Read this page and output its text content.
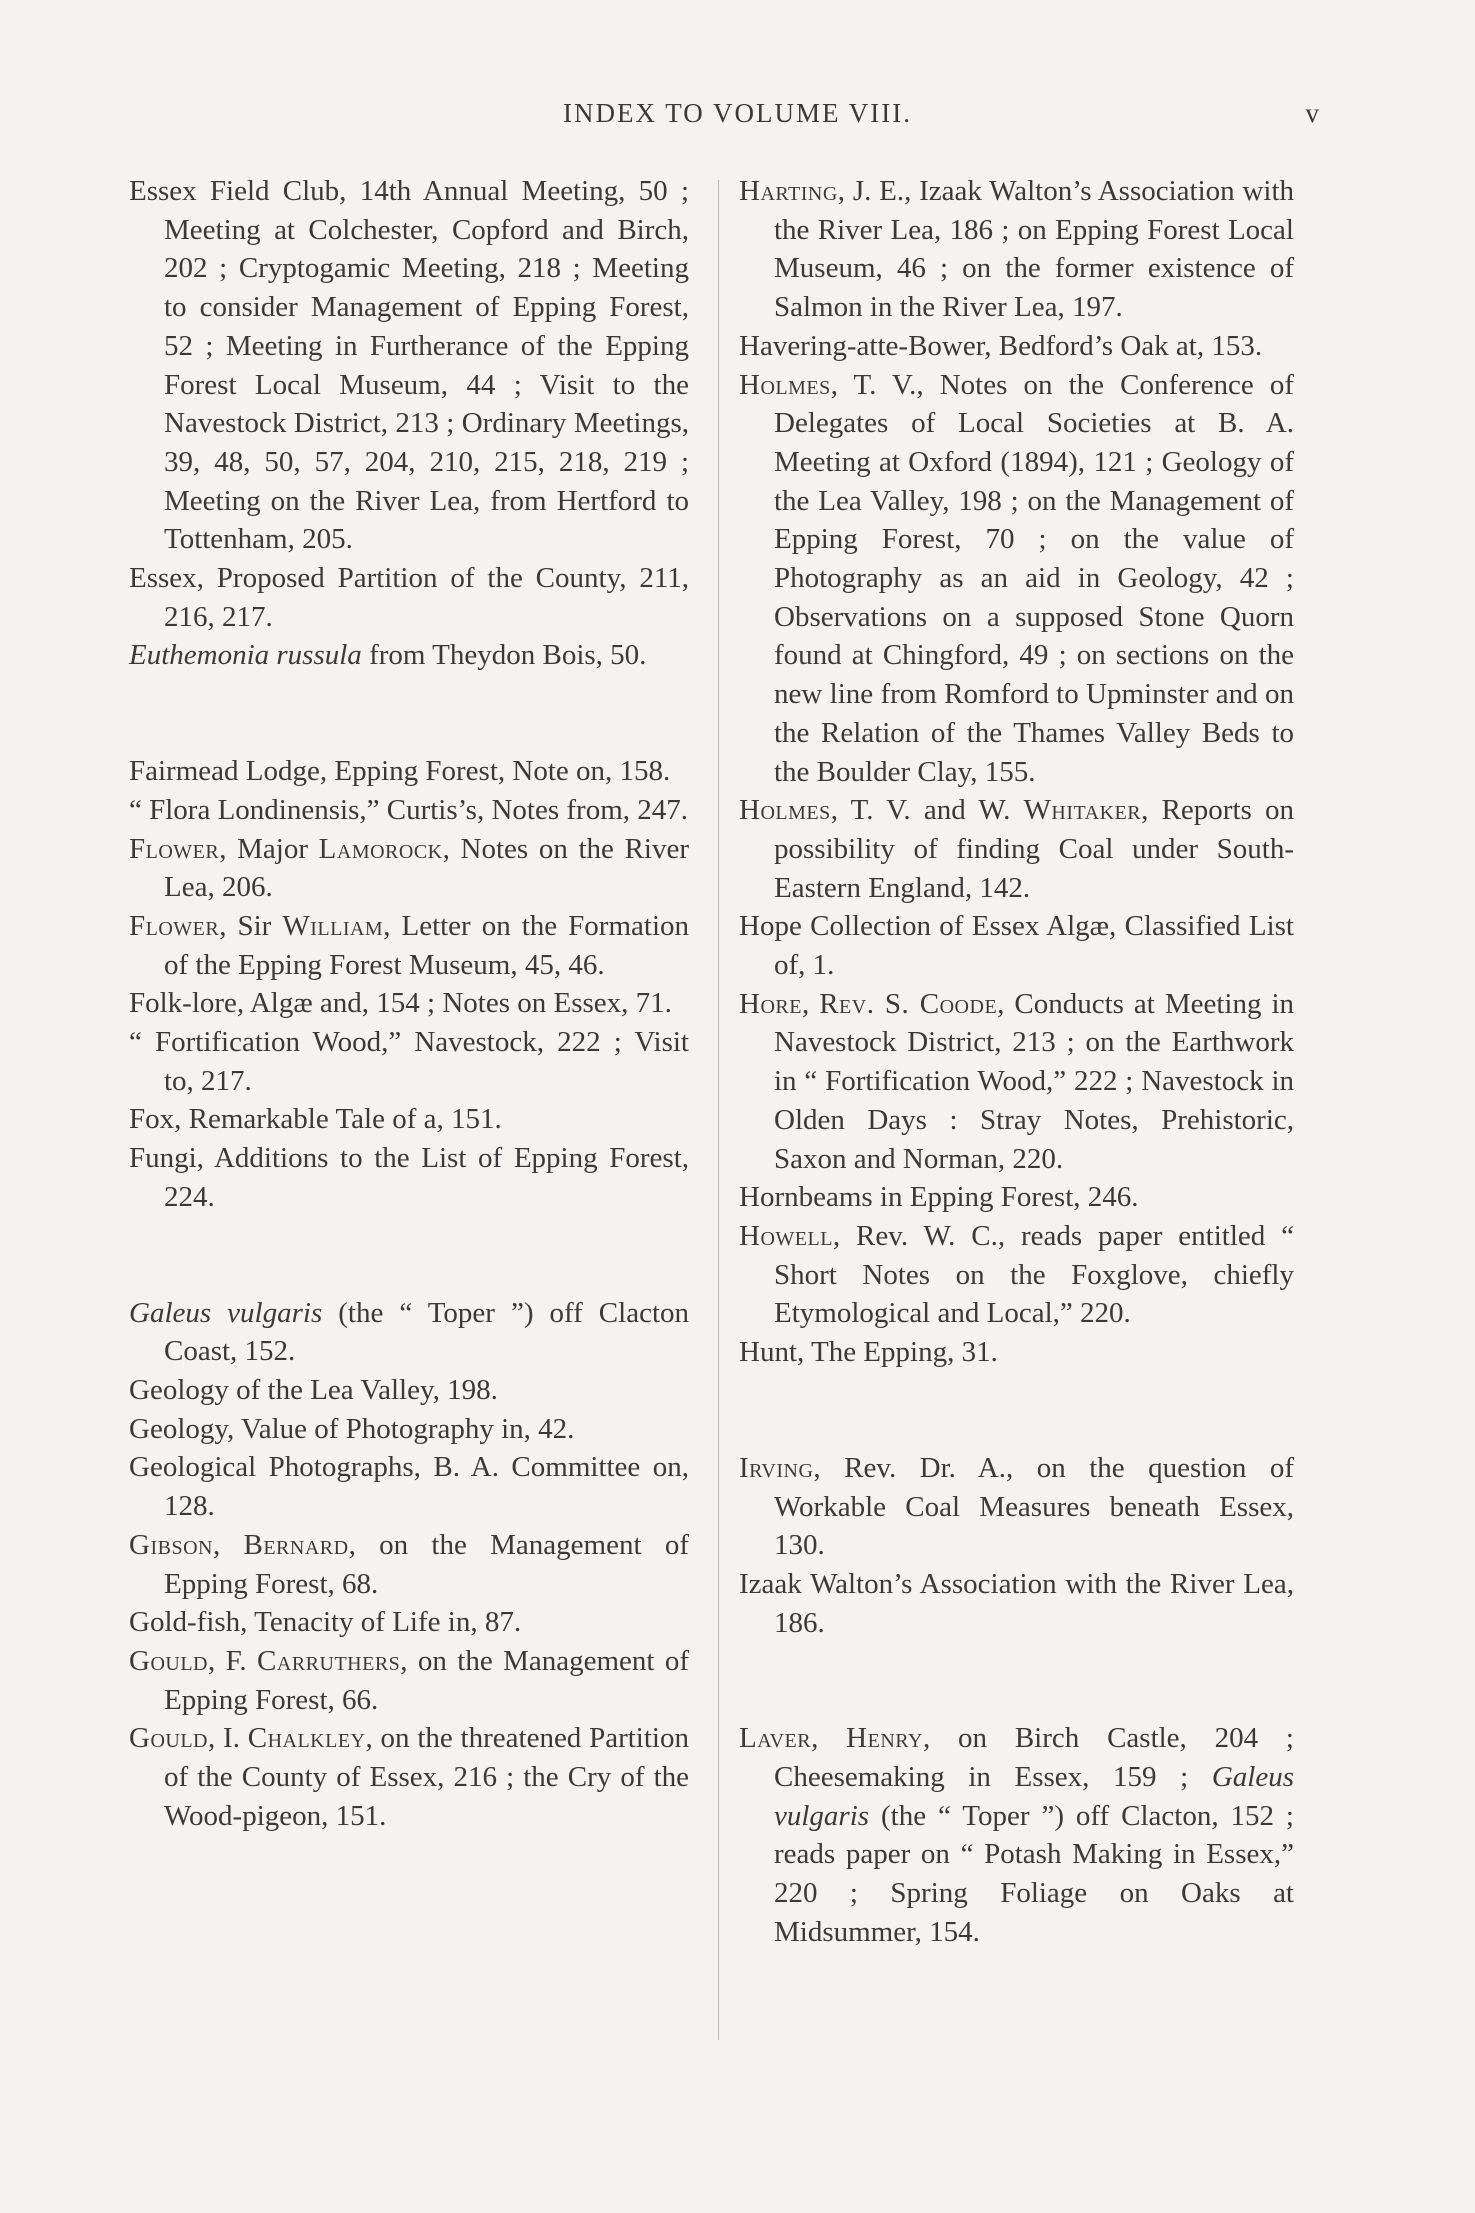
INDEX TO VOLUME VIII.	v

Essex Field Club, 14th Annual Meeting, 50 ; Meeting at Colchester, Copford and Birch, 202 ; Cryptogamic Meeting, 218 ; Meeting to consider Management of Epping Forest, 52 ; Meeting in Furtherance of the Epping Forest Local Museum, 44 ; Visit to the Navestock District, 213 ; Ordinary Meetings, 39, 48, 50, 57, 204, 210, 215, 218, 219 ; Meeting on the River Lea, from Hertford to Tottenham, 205.

Essex, Proposed Partition of the County, 211, 216, 217.

Euthemonia russula from Theydon Bois, 50.

Fairmead Lodge, Epping Forest, Note on, 158.

“ Flora Londinensis,” Curtis’s, Notes from, 247.

Flower, Major Lamorock, Notes on the River Lea, 206.

Flower, Sir William, Letter on the Formation of the Epping Forest Museum, 45, 46.

Folk-lore, Algæ and, 154 ; Notes on Essex, 71.

“ Fortification Wood,” Navestock, 222 ; Visit to, 217.

Fox, Remarkable Tale of a, 151.

Fungi, Additions to the List of Epping Forest, 224.

Galeus vulgaris (the “ Toper ”) off Clacton Coast, 152.

Geology of the Lea Valley, 198.

Geology, Value of Photography in, 42.

Geological Photographs, B. A. Committee on, 128.

Gibson, Bernard, on the Management of Epping Forest, 68.

Gold-fish, Tenacity of Life in, 87.

Gould, F. Carruthers, on the Management of Epping Forest, 66.

Gould, I. Chalkley, on the threatened Partition of the County of Essex, 216 ; the Cry of the Wood-pigeon, 151.

Harting, J. E., Izaak Walton’s Association with the River Lea, 186 ; on Epping Forest Local Museum, 46 ; on the former existence of Salmon in the River Lea, 197.

Havering-atte-Bower, Bedford’s Oak at, 153.

Holmes, T. V., Notes on the Conference of Delegates of Local Societies at B. A. Meeting at Oxford (1894), 121 ; Geology of the Lea Valley, 198 ; on the Management of Epping Forest, 70 ; on the value of Photography as an aid in Geology, 42 ; Observations on a supposed Stone Quorn found at Chingford, 49 ; on sections on the new line from Romford to Upminster and on the Relation of the Thames Valley Beds to the Boulder Clay, 155.

Holmes, T. V. and W. Whitaker, Reports on possibility of finding Coal under South-Eastern England, 142.

Hope Collection of Essex Algæ, Classified List of, 1.

Hore, Rev. S. Coode, Conducts at Meeting in Navestock District, 213 ; on the Earthwork in “ Fortification Wood,” 222 ; Navestock in Olden Days : Stray Notes, Prehistoric, Saxon and Norman, 220.

Hornbeams in Epping Forest, 246.

Howell, Rev. W. C., reads paper entitled “ Short Notes on the Foxglove, chiefly Etymological and Local,” 220.

Hunt, The Epping, 31.

Irving, Rev. Dr. A., on the question of Workable Coal Measures beneath Essex, 130.

Izaak Walton’s Association with the River Lea, 186.

Laver, Henry, on Birch Castle, 204 ; Cheesemaking in Essex, 159 ; Galeus vulgaris (the “ Toper ”) off Clacton, 152 ; reads paper on “ Potash Making in Essex,” 220 ; Spring Foliage on Oaks at Midsummer, 154.
